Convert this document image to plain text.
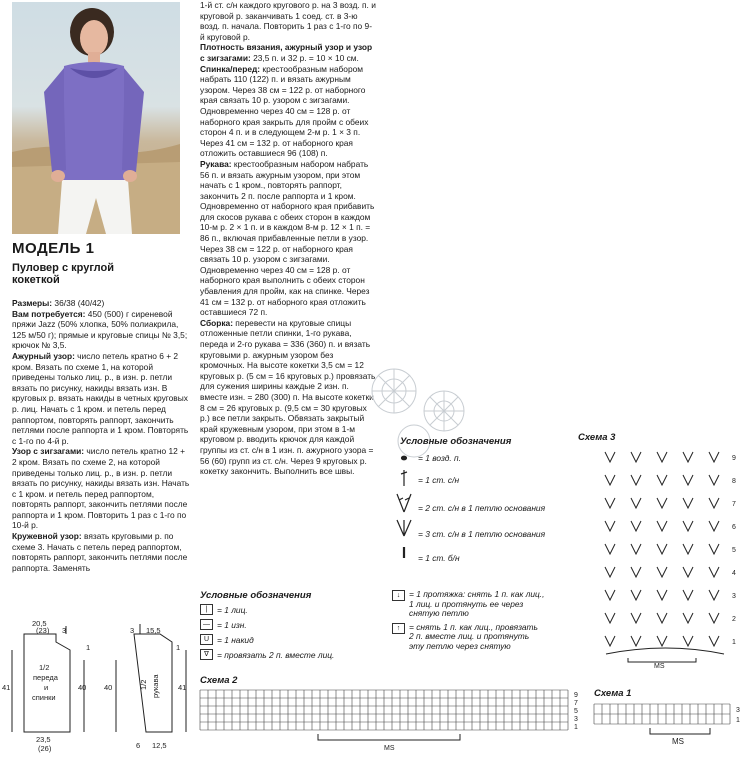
МОДЕЛЬ 1
Пуловер с круглой
кокеткой

Размеры: 36/38 (40/42)

Вам потребуется: 450 (500) г сиреневой пряжи Jazz (50% хлопка, 50% полиакрила, 125 м/50 г); прямые и круговые спицы № 3,5; крючок № 3,5.

Ажурный узор: число петель кратно 6 + 2 кром. Вязать по схеме 1, на которой приведены только лиц. р., в изн. р. петли вязать по рисунку, накиды вязать изн. В круговых р. вязать накиды в четных круговых р. лиц. Начать с 1 кром. и петель перед раппортом, повторять раппорт, закончить петлями после раппорта и 1 кром. Повторять с 1-го по 4-й р.

Узор с зигзагами: число петель кратно 12 + 2 кром. Вязать по схеме 2, на которой приведены только лиц. р., в изн. р. петли вязать по рисунку, накиды вязать изн. Начать с 1 кром. и петель перед раппортом, повторять раппорт, закончить петлями после раппорта и 1 кром. Повторить 1 раз с 1-го по 10-й р.

Кружевной узор: вязать круговыми р. по схеме 3. Начать с петель перед раппортом, повторять раппорт, закончить петлями после раппорта. Заменять

1-й ст. с/н каждого кругового р. на 3 возд. п. и круговой р. заканчивать 1 соед. ст. в 3-ю возд. п. начала. Повторить 1 раз с 1-го по 9-й круговой р.

Плотность вязания, ажурный узор и узор с зигзагами: 23,5 п. и 32 р. = 10 × 10 см.

Спинка/перед: крестообразным набором набрать 110 (122) п. и вязать ажурным узором. Через 38 см = 122 р. от наборного края связать 10 р. узором с зигзагами. Одновременно через 40 см = 128 р. от наборного края закрыть для пройм с обеих сторон 4 п. и в следующем 2-м р. 1 × 3 п. Через 41 см = 132 р. от наборного края отложить оставшиеся 96 (108) п.

Рукава: крестообразным набором набрать 56 п. и вязать ажурным узором, при этом начать с 1 кром., повторять раппорт, закончить 2 п. после раппорта и 1 кром. Одновременно от наборного края прибавить для скосов рукава с обеих сторон в каждом 10-м р. 2 × 1 п. и в каждом 8-м р. 12 × 1 п. = 86 п., включая прибавленные петли в узор. Через 38 см = 122 р. от наборного края связать 10 р. узором с зигзагами. Одновременно через 40 см = 128 р. от наборного края выполнить с обеих сторон убавления для пройм, как на спинке. Через 41 см = 132 р. от наборного края отложить оставшиеся 72 п.

Сборка: перевести на круговые спицы отложенные петли спинки, 1-го рукава, переда и 2-го рукава = 336 (360) п. и вязать круговыми р. ажурным узором без кромочных. На высоте кокетки 3,5 см = 12 круговых р. (5 см = 16 круговых р.) провязать для сужения ширины каждые 2 изн. п. вместе изн. = 280 (300) п. На высоте кокетки 8 см = 26 круговых р. (9,5 см = 30 круговых р.) все петли закрыть. Обвязать закрытый край кружевным узором, при этом в 1-м круговом р. вводить крючок для каждой группы из ст. с/н в 1 изн. п. ажурного узора = 56 (60) групп из ст. с/н. Через 9 круговых р. кокетку закончить. Выполнить все швы.

Условные обозначения
= 1 возд. п.
= 1 ст. с/н
= 2 ст. с/н в 1 петлю основания
= 3 ст. с/н в 1 петлю основания
= 1 ст. б/н
↓	= 1 протяжка: снять 1 п. как лиц.,
1 лиц. и протянуть ее через
снятую петлю
↑	= снять 1 п. как лиц., провязать
2 п. вместе лиц. и протянуть
эту петлю через снятую
Условные обозначения
|	= 1 лиц.
— = 1 изн.
U = 1 накид
∇ = провязать 2 п. вместе лиц.
Схема 3
9
8
7
6
5
4
3
2
1
MS
Схема 2
9
7
5
3
1
MS
Схема 1
3
1
MS
20,5
(23) 3
1
1/2
переда
и
спинки
41	40
23,5
(26)
3 15,5
40	41
6 12,5
1
1/2 рукава
